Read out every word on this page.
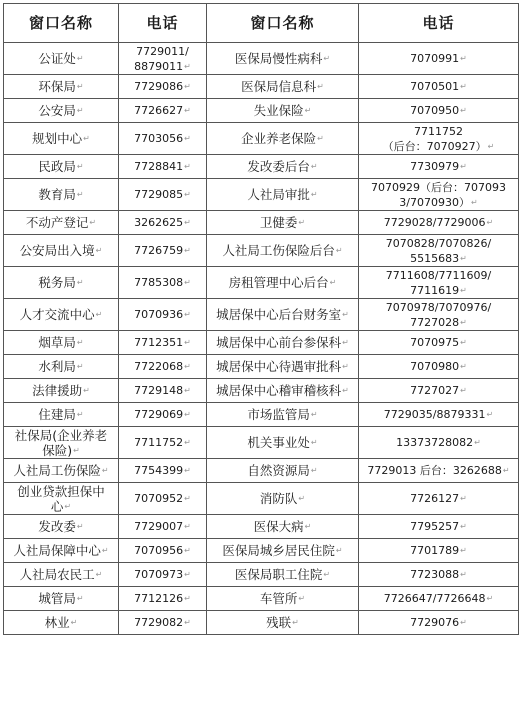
窗口名称	电话	窗口名称	电话
公证处↵	7729011/
8879011↵	医保局慢性病科↵	7070991↵
环保局↵	7729086↵	医保局信息科↵	7070501↵
公安局↵	7726627↵	失业保险↵	7070950↵
规划中心↵	7703056↵	企业养老保险↵	7711752
（后台：7070927）↵
民政局↵	7728841↵	发改委后台↵	7730979↵
教育局↵	7729085↵	人社局审批↵	7070929（后台：707093
3/7070930）↵
不动产登记↵	3262625↵	卫健委↵	7729028/7729006↵
公安局出入境↵	7726759↵	人社局工伤保险后台↵	7070828/7070826/
5515683↵
税务局↵	7785308↵	房租管理中心后台↵	7711608/7711609/
7711619↵
人才交流中心↵	7070936↵	城居保中心后台财务室↵	7070978/7070976/
7727028↵
烟草局↵	7712351↵	城居保中心前台参保科↵	7070975↵
水利局↵	7722068↵	城居保中心待遇审批科↵	7070980↵
法律援助↵	7729148↵	城居保中心稽审稽核科↵	7727027↵
住建局↵	7729069↵	市场监管局↵	7729035/8879331↵
社保局(企业养老
保险)↵	7711752↵	机关事业处↵	13373728082↵
人社局工伤保险↵	7754399↵	自然资源局↵	7729013 后台：3262688↵
创业贷款担保中
心↵	7070952↵	消防队↵	7726127↵
发改委↵	7729007↵	医保大病↵	7795257↵
人社局保障中心↵	7070956↵	医保局城乡居民住院↵	7701789↵
人社局农民工↵	7070973↵	医保局职工住院↵	7723088↵
城管局↵	7712126↵	车管所↵	7726647/7726648↵
林业↵	7729082↵	残联↵	7729076↵
